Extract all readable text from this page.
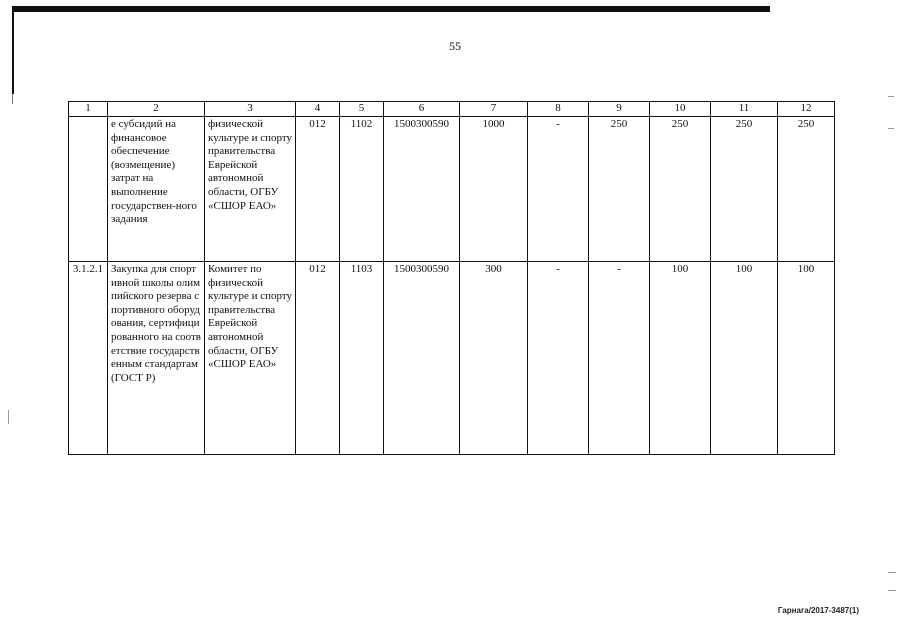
55
1	2	3	4	5	6	7	8	9	10	11	12
	е субсидий на финансовое обеспечение (возмещение) затрат на выполнение государствен-ного задания	физической культуре и спорту правительства Еврейской автономной области, ОГБУ «СШОР ЕАО»	012	1102	1500300590	1000	-	250	250	250	250
3.1.2.1	Закупка для спортивной школы олимпийского резерва спортивного оборудования, сертифицированного на соответствие государственным стандартам (ГОСТ Р)	Комитет по физической культуре и спорту правительства Еврейской автономной области, ОГБУ «СШОР ЕАО»	012	1103	1500300590	300	-	-	100	100	100
Гарнага/2017-3487(1)
